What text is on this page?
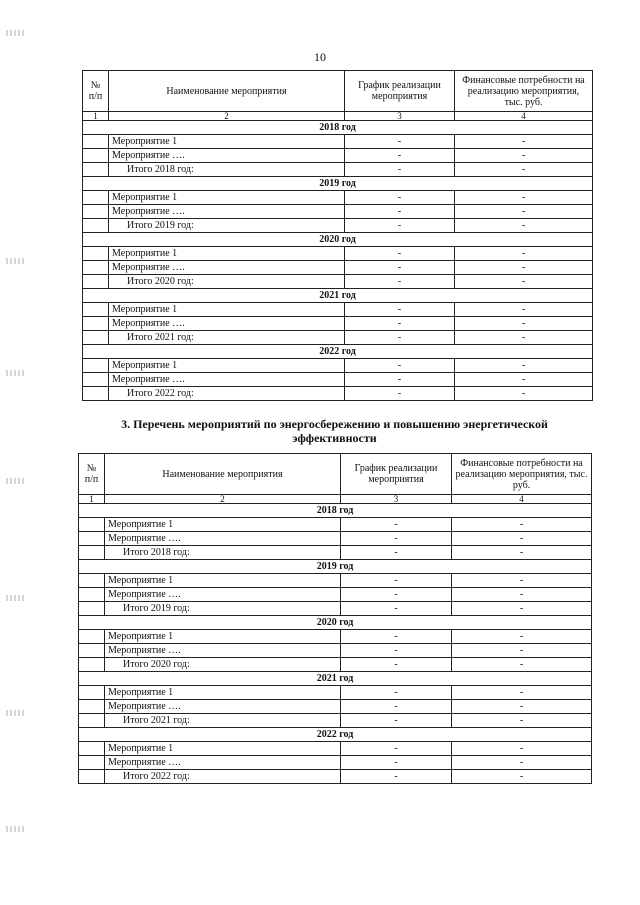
10
№
п/п	Наименование мероприятия	График реализации мероприятия	Финансовые потребности на реализацию мероприятия, тыс. руб.
1	2	3	4
2018 год			
	Мероприятие 1	-	-
	Мероприятие ….	-	-
	Итого 2018 год:	-	-
2019 год			
	Мероприятие 1	-	-
	Мероприятие ….	-	-
	Итого 2019 год:	-	-
2020 год			
	Мероприятие 1	-	-
	Мероприятие ….	-	-
	Итого 2020 год:	-	-
2021 год			
	Мероприятие 1	-	-
	Мероприятие ….	-	-
	Итого 2021 год:	-	-
2022 год			
	Мероприятие 1	-	-
	Мероприятие ….	-	-
	Итого 2022 год:	-	-
3. Перечень мероприятий по энергосбережению и повышению энергетической эффективности
№
п/п	Наименование мероприятия	График реализации мероприятия	Финансовые потребности на реализацию мероприятия, тыс. руб.
1	2	3	4
2018 год			
	Мероприятие 1	-	-
	Мероприятие ….	-	-
	Итого 2018 год:	-	-
2019 год			
	Мероприятие 1	-	-
	Мероприятие ….	-	-
	Итого 2019 год:	-	-
2020 год			
	Мероприятие 1	-	-
	Мероприятие ….	-	-
	Итого 2020 год:	-	-
2021 год			
	Мероприятие 1	-	-
	Мероприятие ….	-	-
	Итого 2021 год:	-	-
2022 год			
	Мероприятие 1	-	-
	Мероприятие ….	-	-
	Итого 2022 год:	-	-
